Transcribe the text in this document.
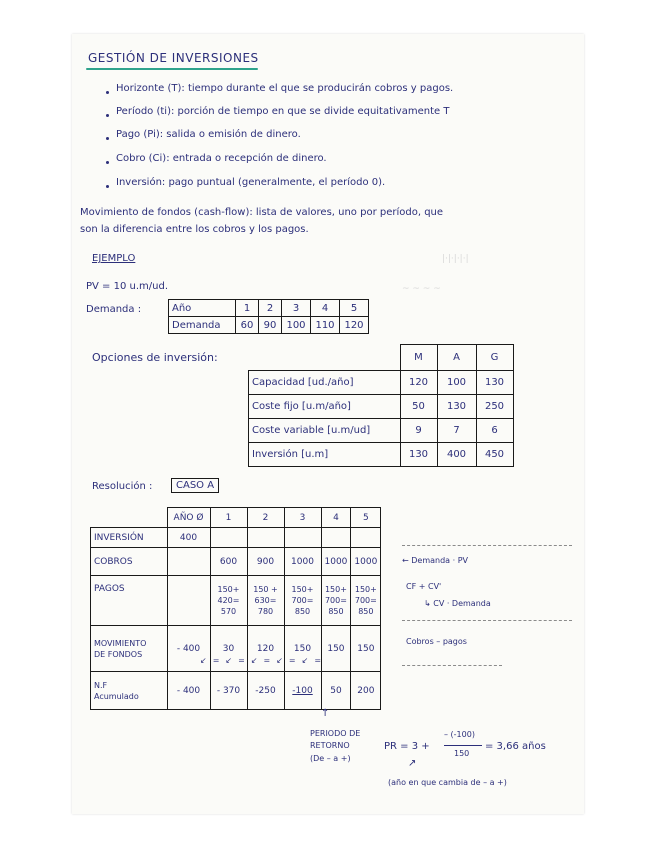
GESTIÓN DE INVERSIONES
Horizonte (T): tiempo durante el que se producirán cobros y pagos.
Período (ti): porción de tiempo en que se divide equitativamente T
Pago (Pi): salida o emisión de dinero.
Cobro (Ci): entrada o recepción de dinero.
Inversión: pago puntual (generalmente, el período 0).
Movimiento de fondos (cash-flow): lista de valores, uno por período, que
son la diferencia entre los cobros y los pagos.
|·|·|·|·|
~ ~ ~ ~
EJEMPLO
PV = 10 u.m/ud.
Demanda :	Año	1	2	3	4	5
Demanda	60	90	100	110	120
Opciones de inversión:
		M	A	G
Capacidad [ud./año]	120	100	130
Coste fijo [u.m/año]	50	130	250
Coste variable [u.m/ud]	9	7	6
Inversión [u.m]	130	400	450
Resolución :	CASO A
	AÑO Ø	1	2	3	4	5
INVERSIÓN	400					
COBROS		600	900	1000	1000	1000
PAGOS		150+
420=
570	150 +
630=
780	150+
700=
850	150+
700=
850	150+
700=
850
MOVIMIENTO
DE FONDOS	- 400	30	120	150	150	150
N.F
Acumulado	- 400	- 370	-250	-100	50	200
← Demanda · PV
CF + CV'
↳ CV · Demanda
Cobros – pagos
↙=↙=↙=↙=↙=
↑
PERIODO DE
RETORNO
(De – a +)
PR = 3 +
– (-100)
150
= 3,66 años
↗
(año en que cambia de – a +)
